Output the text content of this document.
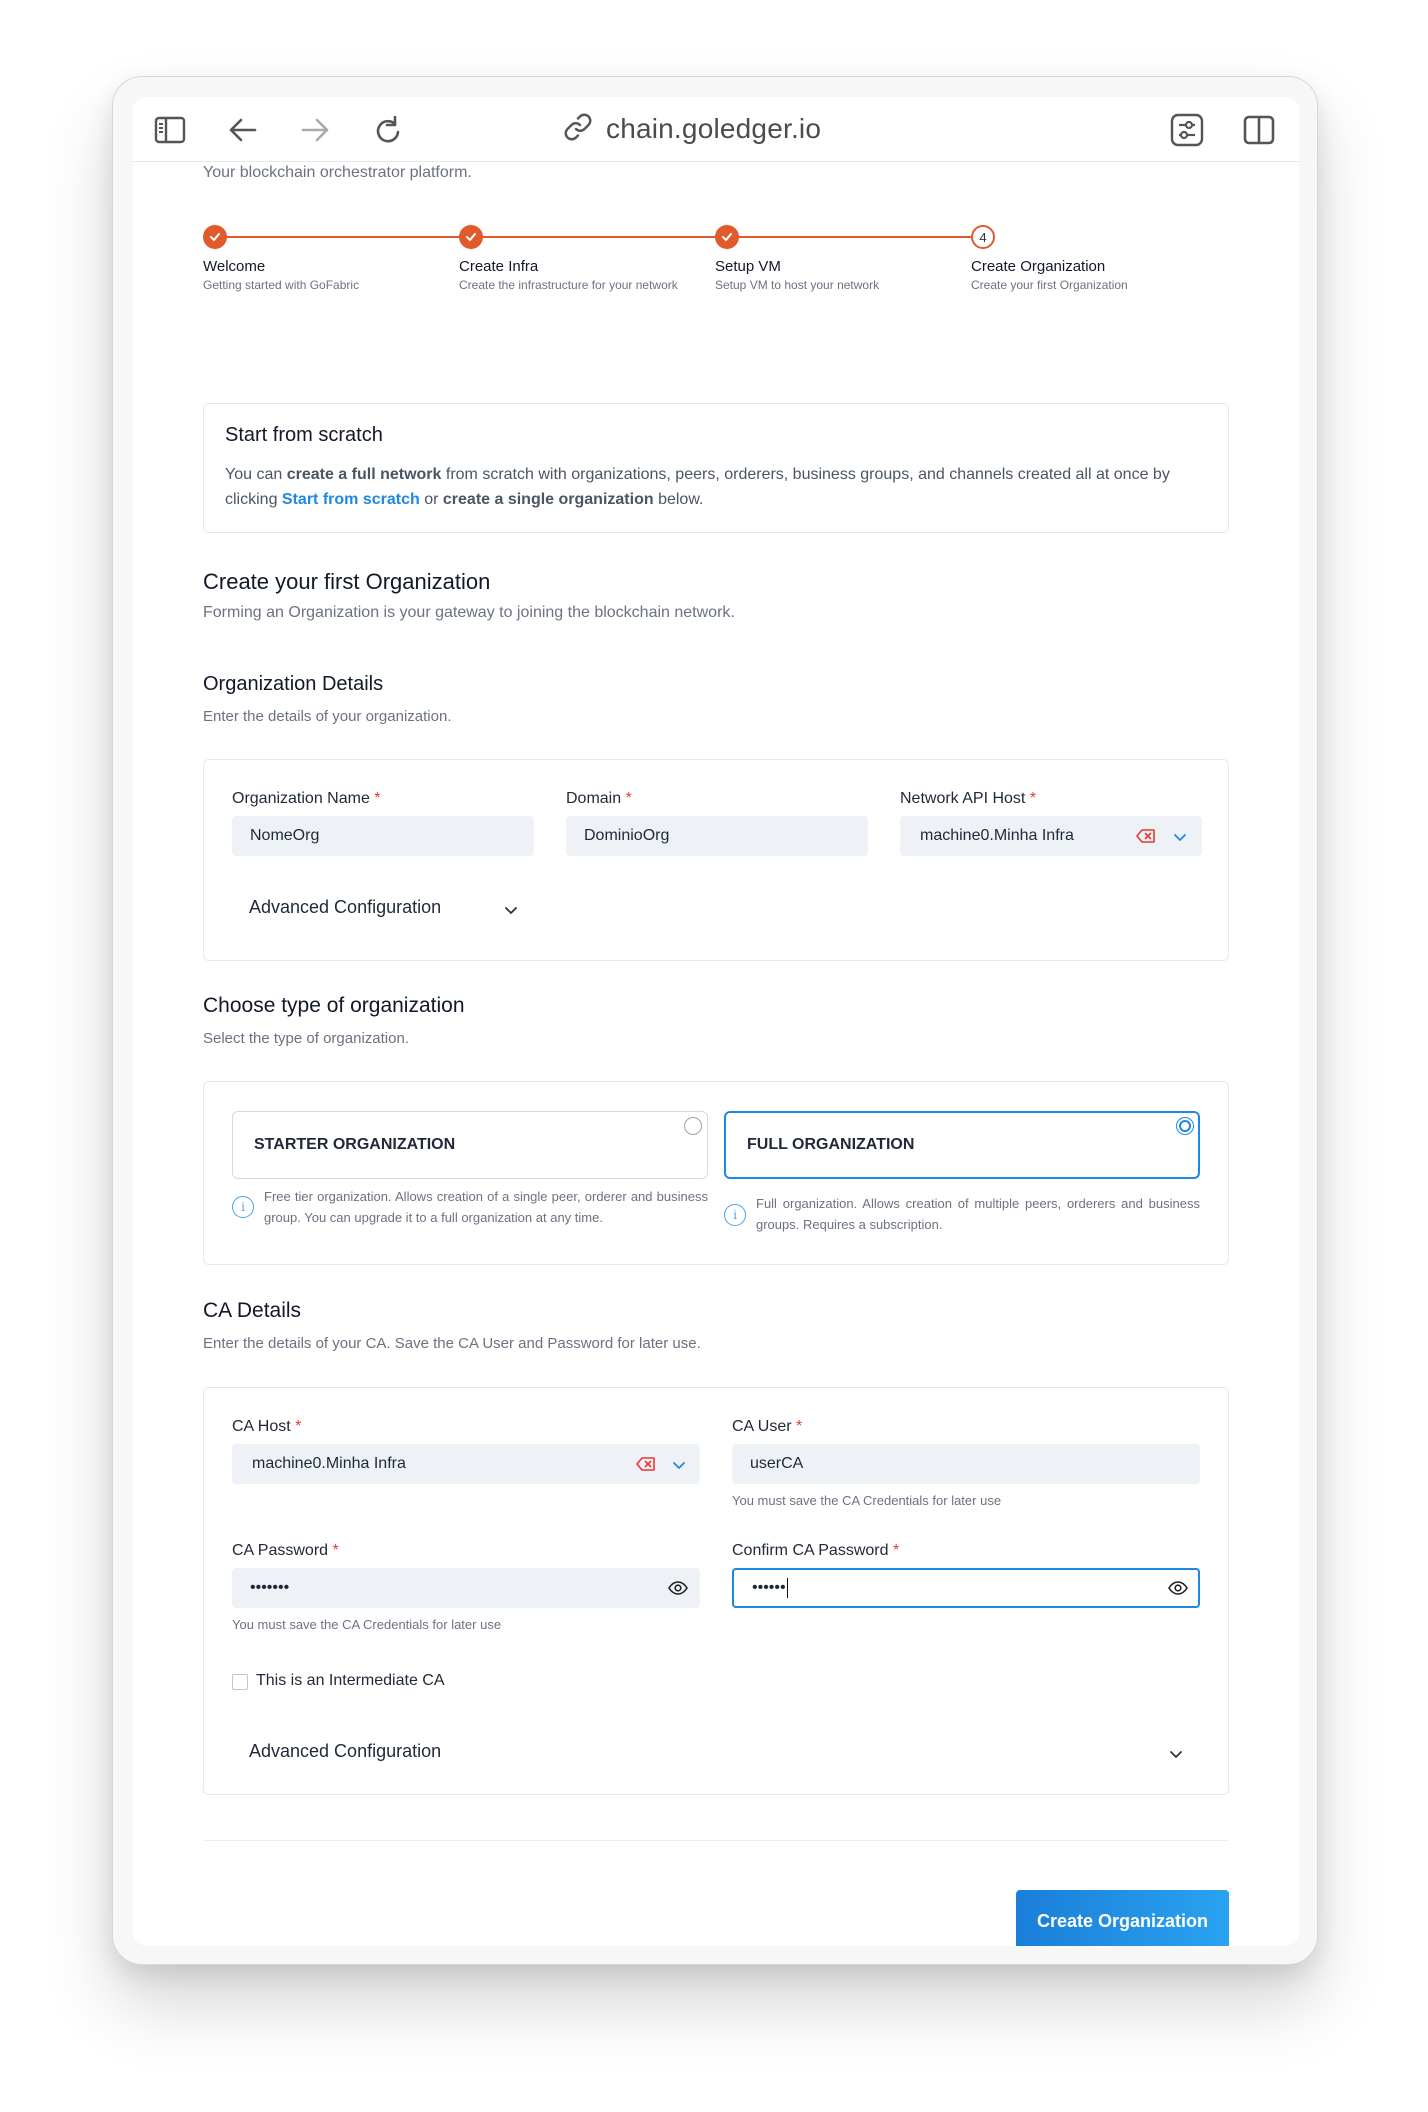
chain.goledger.io
Your blockchain orchestrator platform.
Welcome
Getting started with GoFabric
Create Infra
Create the infrastructure for your network
Setup VM
Setup VM to host your network
4
Create Organization
Create your first Organization
Start from scratch
You can create a full network from scratch with organizations, peers, orderers, business groups, and channels created all at once by
clicking Start from scratch or create a single organization below.
Create your first Organization
Forming an Organization is your gateway to joining the blockchain network.
Organization Details
Enter the details of your organization.
Organization Name *
NomeOrg
Domain *
DominioOrg
Network API Host *
machine0.Minha Infra
Advanced Configuration
Choose type of organization
Select the type of organization.
STARTER ORGANIZATION	FULL ORGANIZATION
i
Free tier organization. Allows creation of a single peer, orderer and business group. You can upgrade it to a full organization at any time.	i
Full organization. Allows creation of multiple peers, orderers and business groups. Requires a subscription.
CA Details
Enter the details of your CA. Save the CA User and Password for later use.
CA Host *
machine0.Minha Infra
CA User *
userCA
You must save the CA Credentials for later use
CA Password *
•••••••
You must save the CA Credentials for later use
Confirm CA Password *
••••••
This is an Intermediate CA
Advanced Configuration
Create Organization
